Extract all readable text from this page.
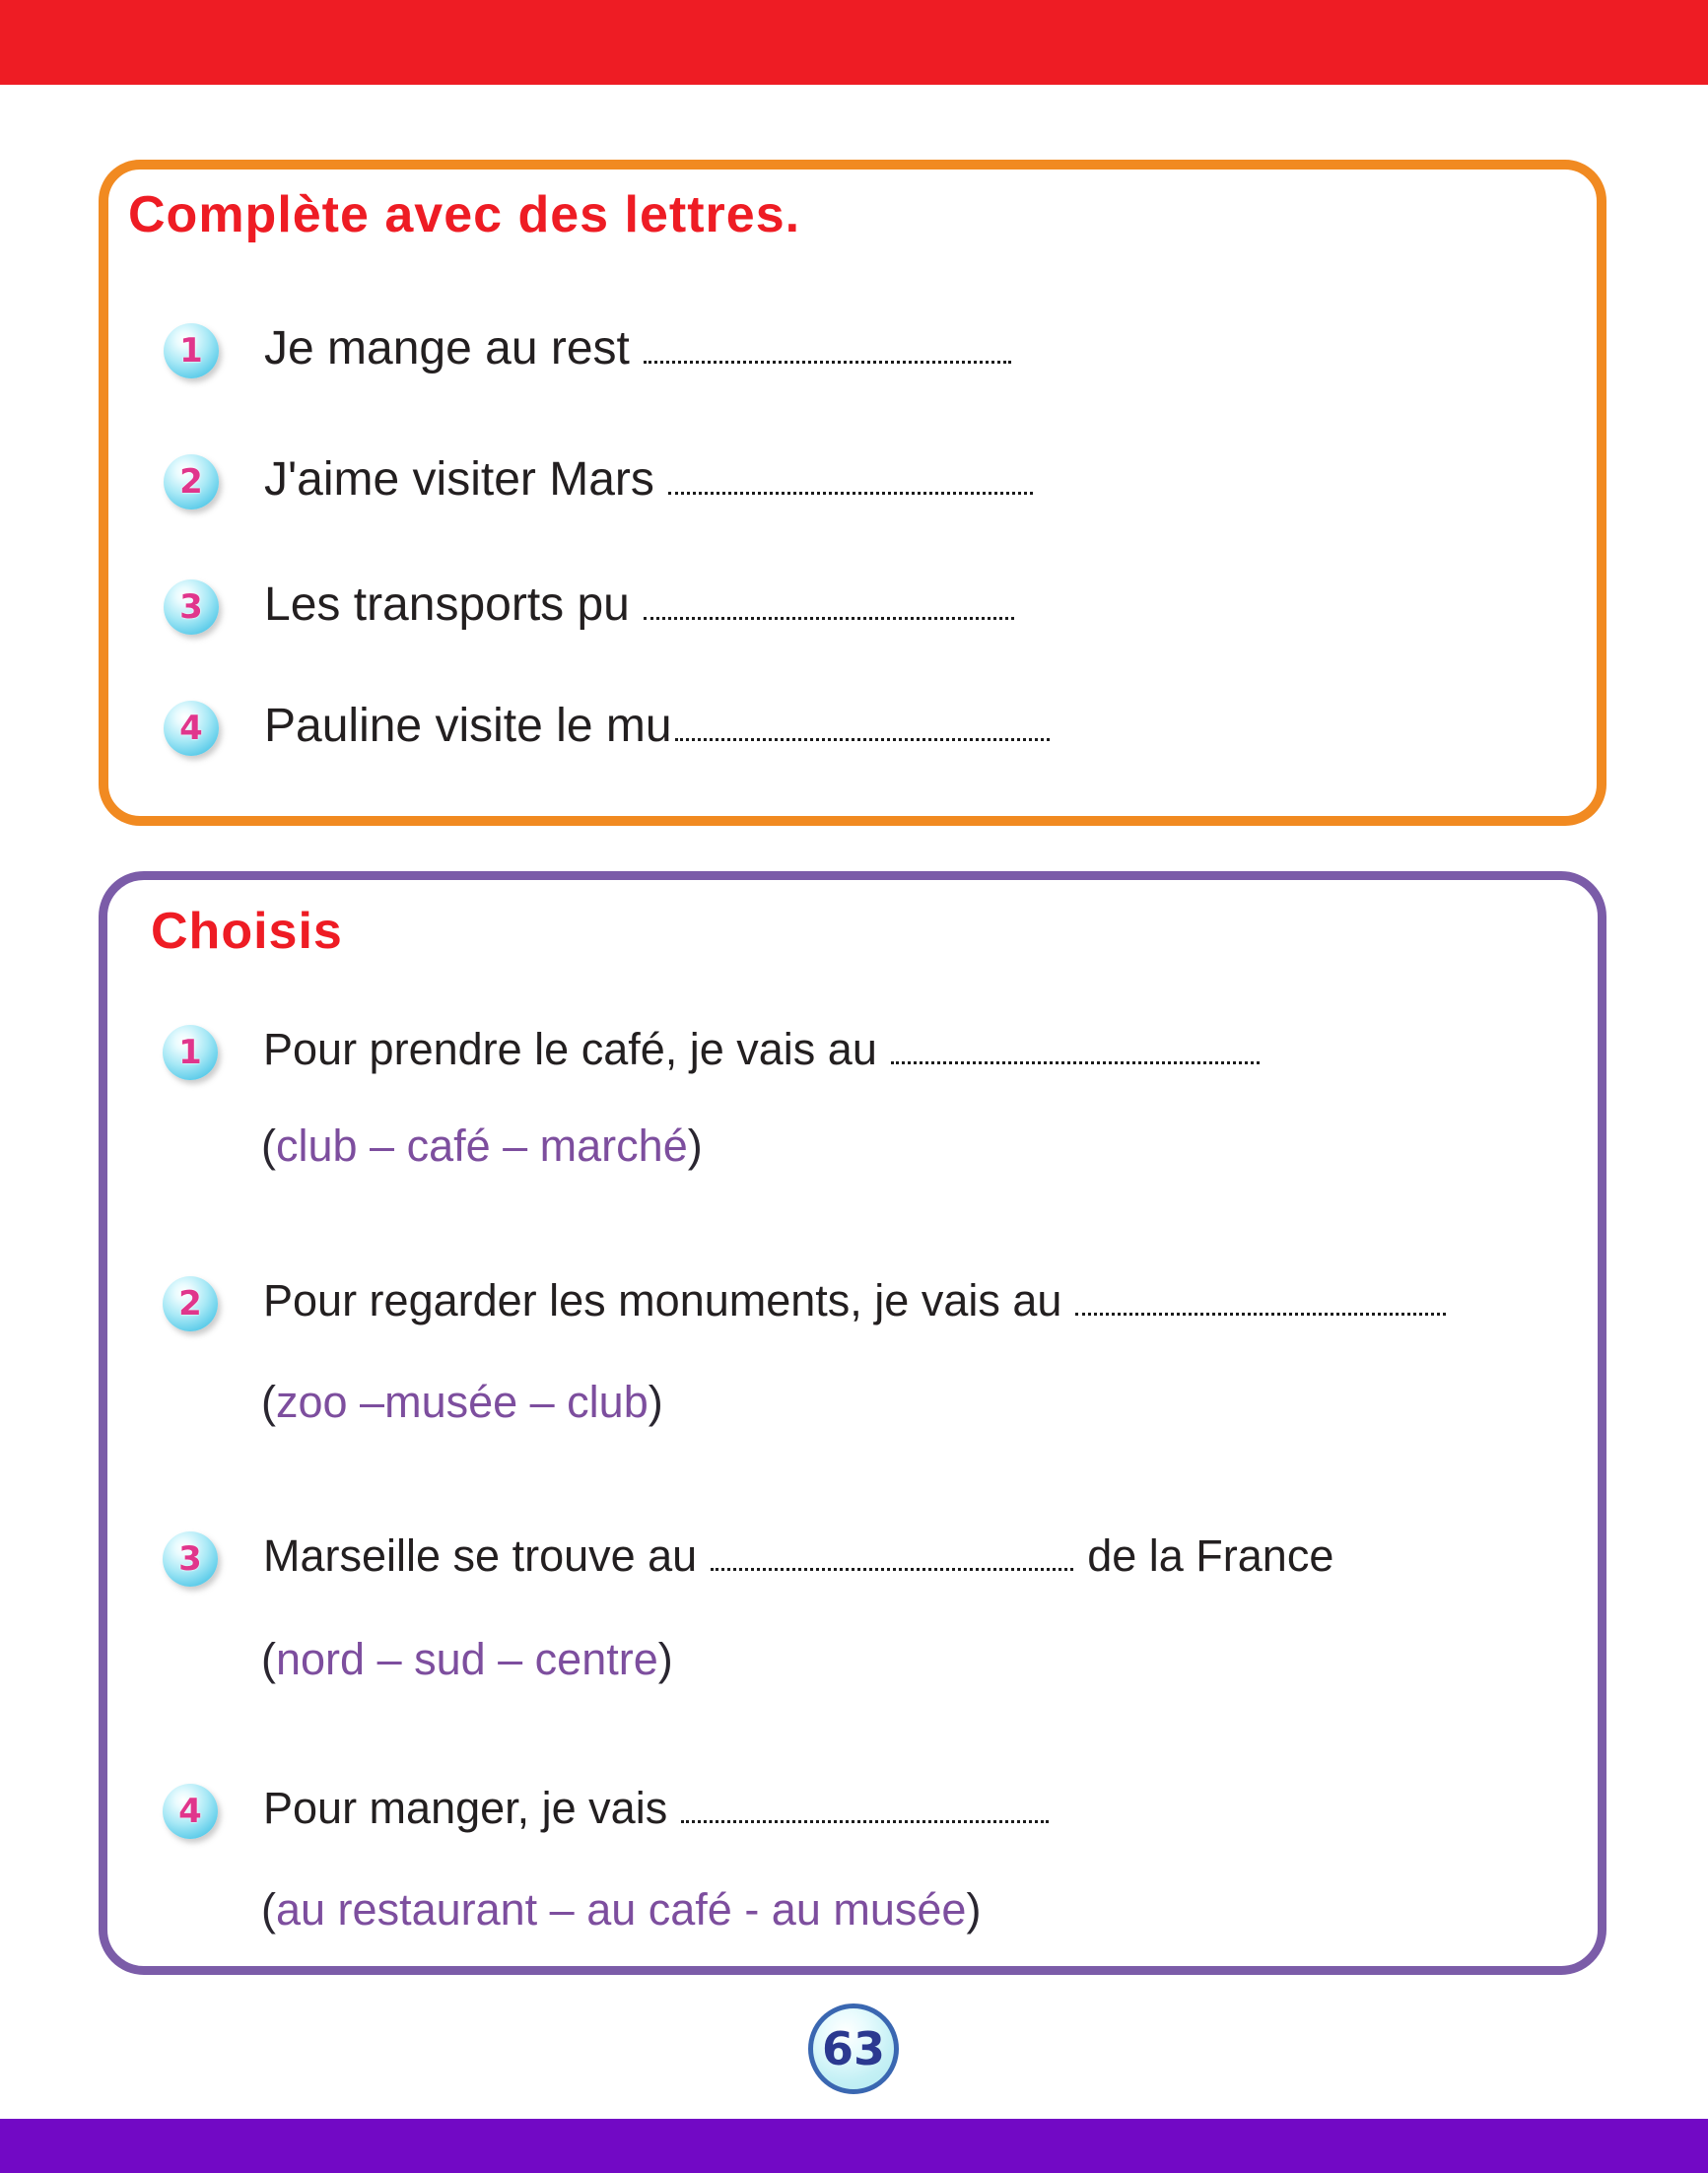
Complète avec des lettres.
1 Je mange au rest
2 J'aime visiter Mars
3 Les transports pu
4 Pauline visite le mu
Choisis
1 Pour prendre le café, je vais au
(club – café – marché)
2 Pour regarder les monuments, je vais au
(zoo –musée – club)
3 Marseille se trouve au	de la France
(nord – sud – centre)
4 Pour manger, je vais
(au restaurant – au café - au musée)
63
